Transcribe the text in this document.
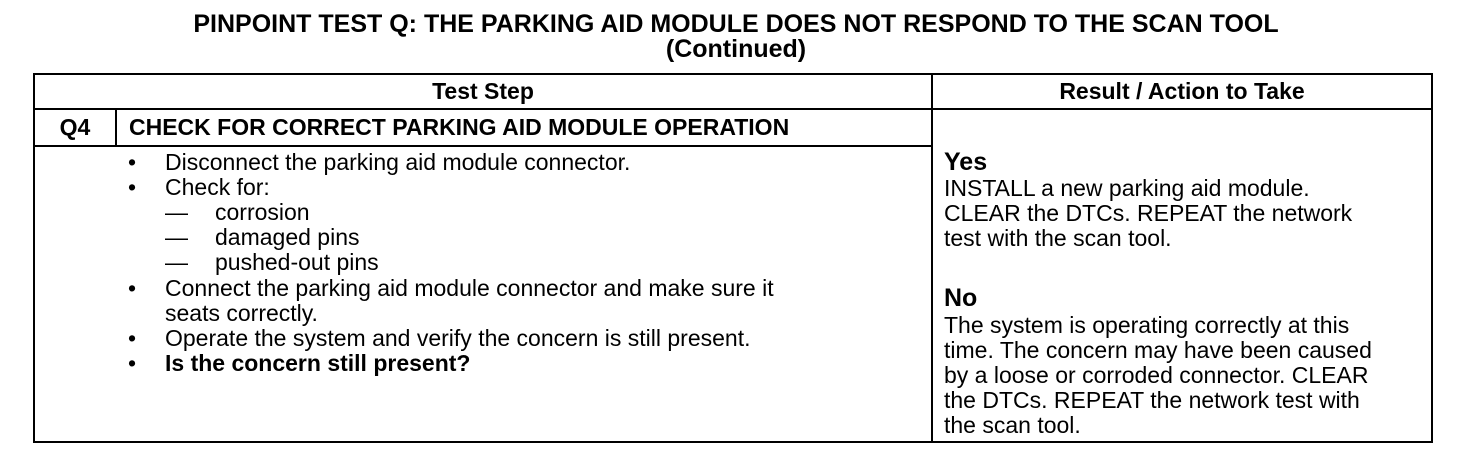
PINPOINT TEST Q: THE PARKING AID MODULE DOES NOT RESPOND TO THE SCAN TOOL
(Continued)
Test Step	Result / Action to Take
Q4	CHECK FOR CORRECT PARKING AID MODULE OPERATION
• Disconnect the parking aid module connector.
• Check for:
— corrosion
— damaged pins
— pushed-out pins
• Connect the parking aid module connector and make sure it
seats correctly.
• Operate the system and verify the concern is still present.
• Is the concern still present?
Yes
INSTALL a new parking aid module.
CLEAR the DTCs. REPEAT the network
test with the scan tool.
No
The system is operating correctly at this
time. The concern may have been caused
by a loose or corroded connector. CLEAR
the DTCs. REPEAT the network test with
the scan tool.
